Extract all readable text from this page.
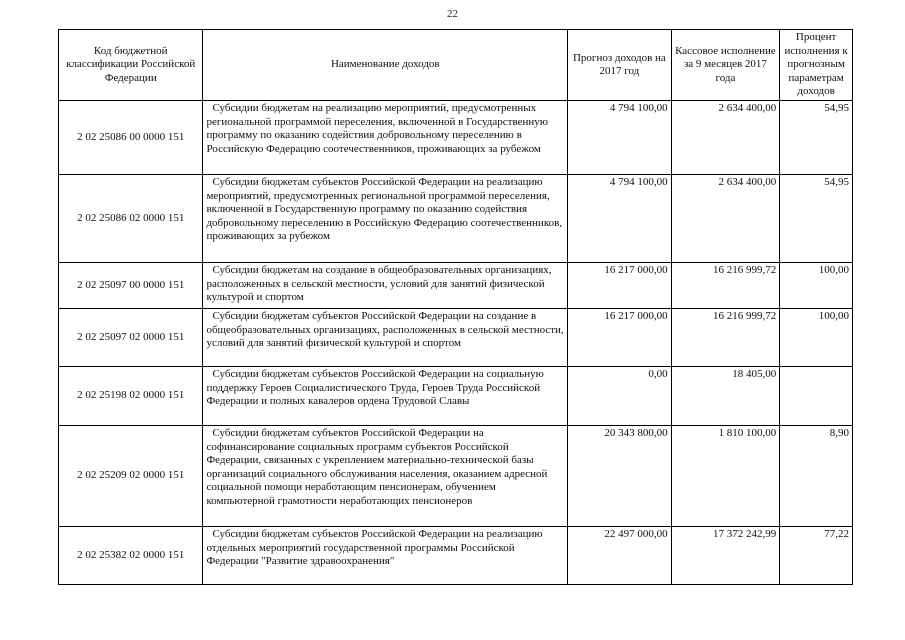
22
Код бюджетной классификации Российской Федерации	Наименование доходов	Прогноз доходов на 2017 год	Кассовое исполнение за 9 месяцев 2017 года	Процент исполнения к прогнозным параметрам доходов
2 02 25086 00 0000 151	Субсидии бюджетам на реализацию мероприятий, предусмотренных региональной программой переселения, включенной в Государственную программу по оказанию содействия добровольному переселению в Российскую Федерацию соотечественников, проживающих за рубежом	4 794 100,00	2 634 400,00	54,95
2 02 25086 02 0000 151	Субсидии бюджетам субъектов Российской Федерации на реализацию мероприятий, предусмотренных региональной программой переселения, включенной в Государственную программу по оказанию содействия добровольному переселению в Российскую Федерацию соотечественников, проживающих за рубежом	4 794 100,00	2 634 400,00	54,95
2 02 25097 00 0000 151	Субсидии бюджетам на создание в общеобразовательных организациях, расположенных в сельской местности, условий для занятий физической культурой и спортом	16 217 000,00	16 216 999,72	100,00
2 02 25097 02 0000 151	Субсидии бюджетам субъектов Российской Федерации на создание в общеобразовательных организациях, расположенных в сельской местности, условий для занятий физической культурой и спортом	16 217 000,00	16 216 999,72	100,00
2 02 25198 02 0000 151	Субсидии бюджетам субъектов Российской Федерации на социальную поддержку Героев Социалистического Труда, Героев Труда Российской Федерации и полных кавалеров ордена Трудовой Славы	0,00	18 405,00	
2 02 25209 02 0000 151	Субсидии бюджетам субъектов Российской Федерации на софинансирование социальных программ субъектов Российской Федерации, связанных с укреплением материально-технической базы организаций социального обслуживания населения, оказанием адресной социальной помощи неработающим пенсионерам, обучением компьютерной грамотности неработающих пенсионеров	20 343 800,00	1 810 100,00	8,90
2 02 25382 02 0000 151	Субсидии бюджетам субъектов Российской Федерации на реализацию отдельных мероприятий государственной программы Российской Федерации "Развитие здравоохранения"	22 497 000,00	17 372 242,99	77,22
